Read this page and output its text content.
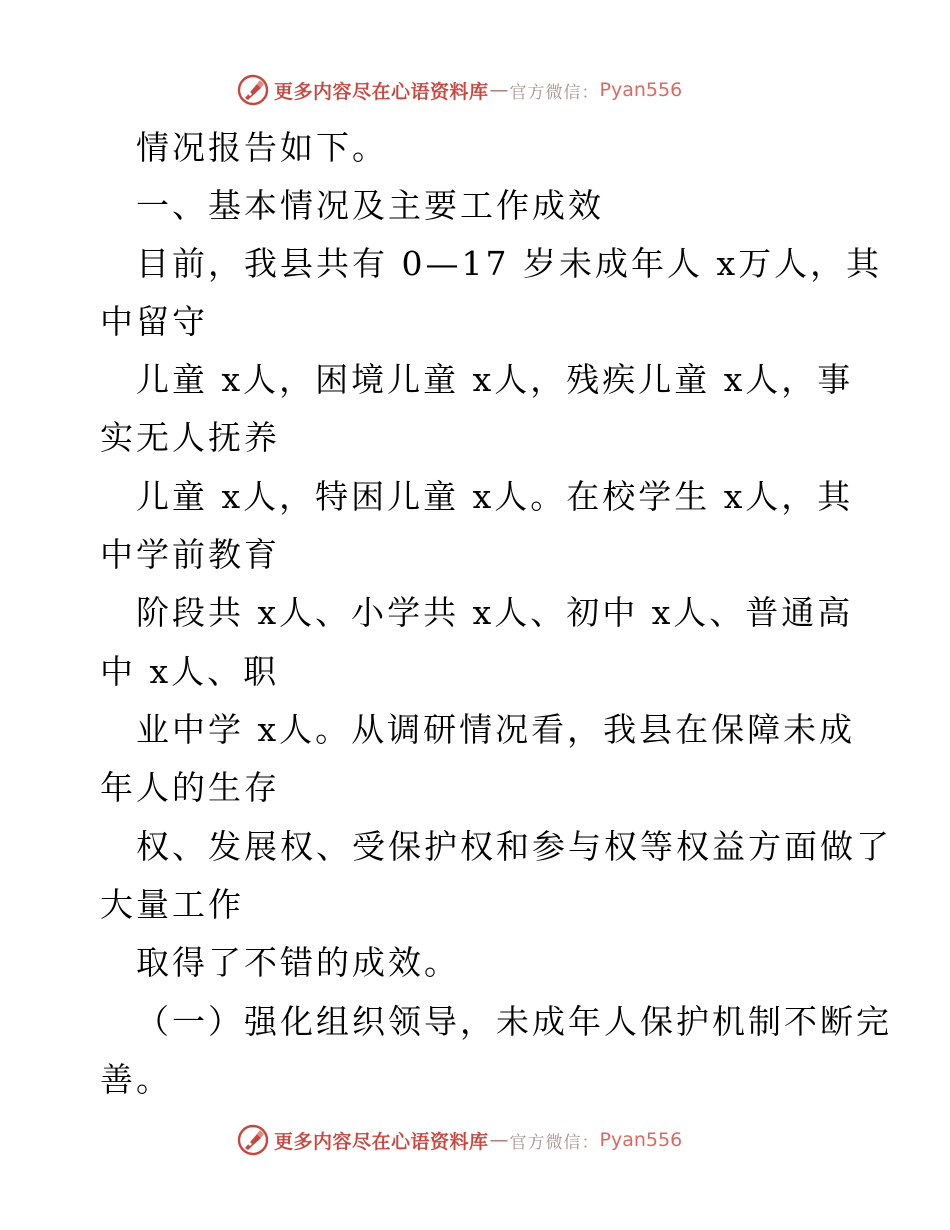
更多内容尽在心语资料库 — 官方微信： Pyan556

情况报告如下。

一、基本情况及主要工作成效

目前，我县共有 0—17 岁未成年人 x万人，其

中留守

儿童 x人，困境儿童 x人，残疾儿童 x人，事

实无人抚养

儿童 x人，特困儿童 x人。在校学生 x人，其

中学前教育

阶段共 x人、小学共 x人、初中 x人、普通高

中 x人、职

业中学 x人。从调研情况看，我县在保障未成

年人的生存

权、发展权、受保护权和参与权等权益方面做了

大量工作

取得了不错的成效。

（一）强化组织领导，未成年人保护机制不断完

善。

更多内容尽在心语资料库 — 官方微信： Pyan556
